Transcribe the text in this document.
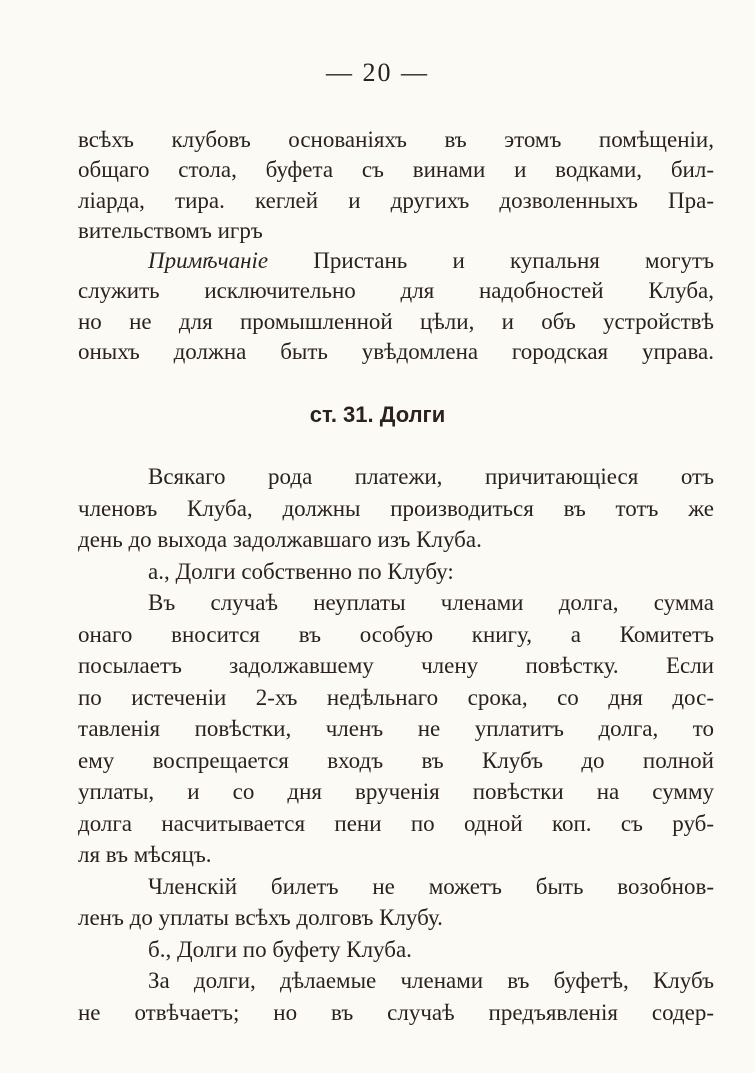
— 20 —
всѣхъ клубовъ основаніяхъ въ этомъ помѣщеніи,
общаго стола, буфета съ винами и водками, бил-
ліарда, тира. кеглей и другихъ дозволенныхъ Пра-
вительствомъ игръ
Примѣчаніе Пристань и купальня могутъ
служить исключительно для надобностей Клуба,
но не для промышленной цѣли, и объ устройствѣ
оныхъ должна быть увѣдомлена городская управа.
ст. 31. Долги
Всякаго рода платежи, причитающіеся отъ
членовъ Клуба, должны производиться въ тотъ же
день до выхода задолжавшаго изъ Клуба.
а., Долги собственно по Клубу:
Въ случаѣ неуплаты членами долга, сумма
онаго вносится въ особую книгу, а Комитетъ
посылаетъ задолжавшему члену повѣстку. Если
по истеченіи 2-хъ недѣльнаго срока, со дня дос-
тавленія повѣстки, членъ не уплатитъ долга, то
ему воспрещается входъ въ Клубъ до полной
уплаты, и со дня врученія повѣстки на сумму
долга насчитывается пени по одной коп. съ руб-
ля въ мѣсяцъ.
Членскій билетъ не можетъ быть возобнов-
ленъ до уплаты всѣхъ долговъ Клубу.
б., Долги по буфету Клуба.
За долги, дѣлаемые членами въ буфетѣ, Клубъ
не отвѣчаетъ; но въ случаѣ предъявленія содер-
